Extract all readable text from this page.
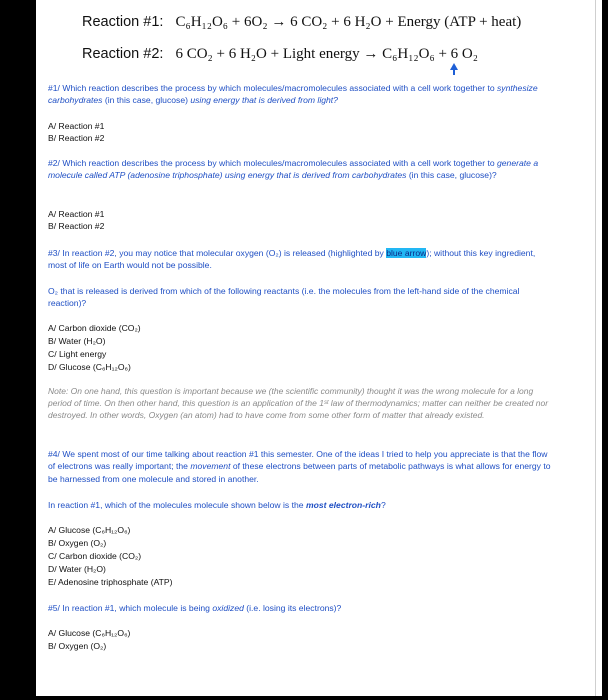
Reaction #1: C₆H₁₂O₆ + 6O₂ → 6 CO₂ + 6 H₂O + Energy (ATP + heat)
Reaction #2: 6 CO₂ + 6 H₂O + Light energy → C₆H₁₂O₆ + 6 O₂
#1/ Which reaction describes the process by which molecules/macromolecules associated with a cell work together to synthesize carbohydrates (in this case, glucose) using energy that is derived from light?
A/ Reaction #1
B/ Reaction #2
#2/ Which reaction describes the process by which molecules/macromolecules associated with a cell work together to generate a molecule called ATP (adenosine triphosphate) using energy that is derived from carbohydrates (in this case, glucose)?
A/ Reaction #1
B/ Reaction #2
#3/ In reaction #2, you may notice that molecular oxygen (O₂) is released (highlighted by blue arrow); without this key ingredient, most of life on Earth would not be possible.
O₂ that is released is derived from which of the following reactants (i.e. the molecules from the left-hand side of the chemical reaction)?
A/ Carbon dioxide (CO₂)
B/ Water (H₂O)
C/ Light energy
D/ Glucose (C₆H₁₂O₆)
Note: On one hand, this question is important because we (the scientific community) thought it was the wrong molecule for a long period of time. On then other hand, this question is an application of the 1ˢᵗ law of thermodynamics; matter can neither be created nor destroyed. In other words, Oxygen (an atom) had to have come from some other form of matter that already existed.
#4/ We spent most of our time talking about reaction #1 this semester. One of the ideas I tried to help you appreciate is that the flow of electrons was really important; the movement of these electrons between parts of metabolic pathways is what allows for energy to be harnessed from one molecule and stored in another.
In reaction #1, which of the molecules molecule shown below is the most electron-rich?
A/ Glucose (C₆H₁₂O₆)
B/ Oxygen (O₂)
C/ Carbon dioxide (CO₂)
D/ Water (H₂O)
E/ Adenosine triphosphate (ATP)
#5/ In reaction #1, which molecule is being oxidized (i.e. losing its electrons)?
A/ Glucose (C₆H₁₂O₆)
B/ Oxygen (O₂)
